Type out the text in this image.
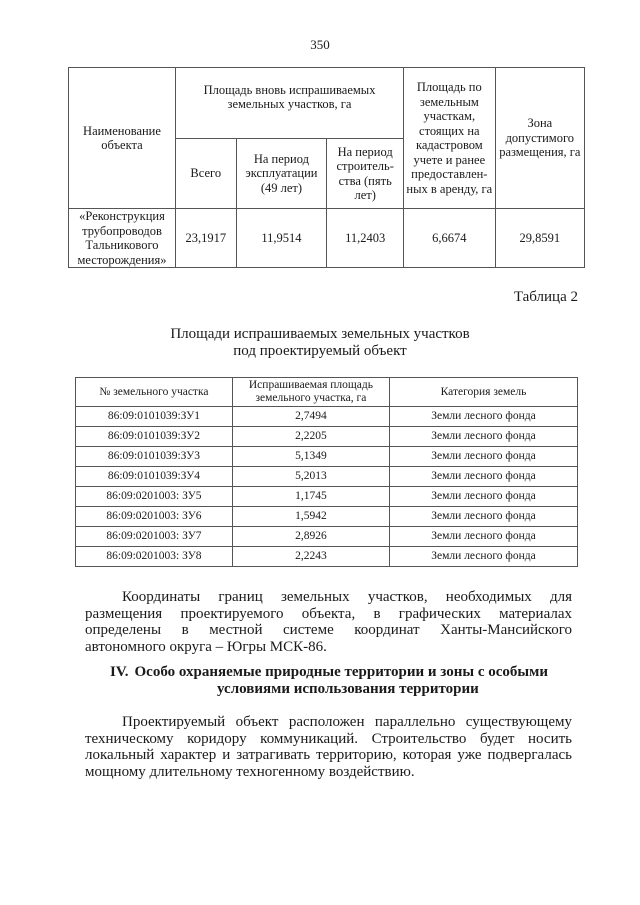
350
Наименование объекта	Площадь вновь испрашиваемых земельных участков, га			Площадь по земельным участкам, стоящих на кадастровом учете и ранее предоставлен-ных в аренду, га	Зона допустимого размещения, га
	Всего	На период эксплуатации (49 лет)	На период строитель-ства (пять лет)		
«Реконструкция трубопроводов Тальникового месторождения»	23,1917	11,9514	11,2403	6,6674	29,8591
Таблица 2
Площади испрашиваемых земельных участков
под проектируемый объект
№ земельного участка	Испрашиваемая площадь земельного участка, га	Категория земель
86:09:0101039:ЗУ1	2,7494	Земли лесного фонда
86:09:0101039:ЗУ2	2,2205	Земли лесного фонда
86:09:0101039:ЗУ3	5,1349	Земли лесного фонда
86:09:0101039:ЗУ4	5,2013	Земли лесного фонда
86:09:0201003: ЗУ5	1,1745	Земли лесного фонда
86:09:0201003: ЗУ6	1,5942	Земли лесного фонда
86:09:0201003: ЗУ7	2,8926	Земли лесного фонда
86:09:0201003: ЗУ8	2,2243	Земли лесного фонда

Координаты границ земельных участков, необходимых для размещения проектируемого объекта, в графических материалах определены в местной системе координат Ханты-Мансийского автономного округа – Югры МСК-86.

IV. Особо охраняемые природные территории и зоны с особыми
условиями использования территории

Проектируемый объект расположен параллельно существующему техническому коридору коммуникаций. Строительство будет носить локальный характер и затрагивать территорию, которая уже подвергалась мощному длительному техногенному воздействию.
